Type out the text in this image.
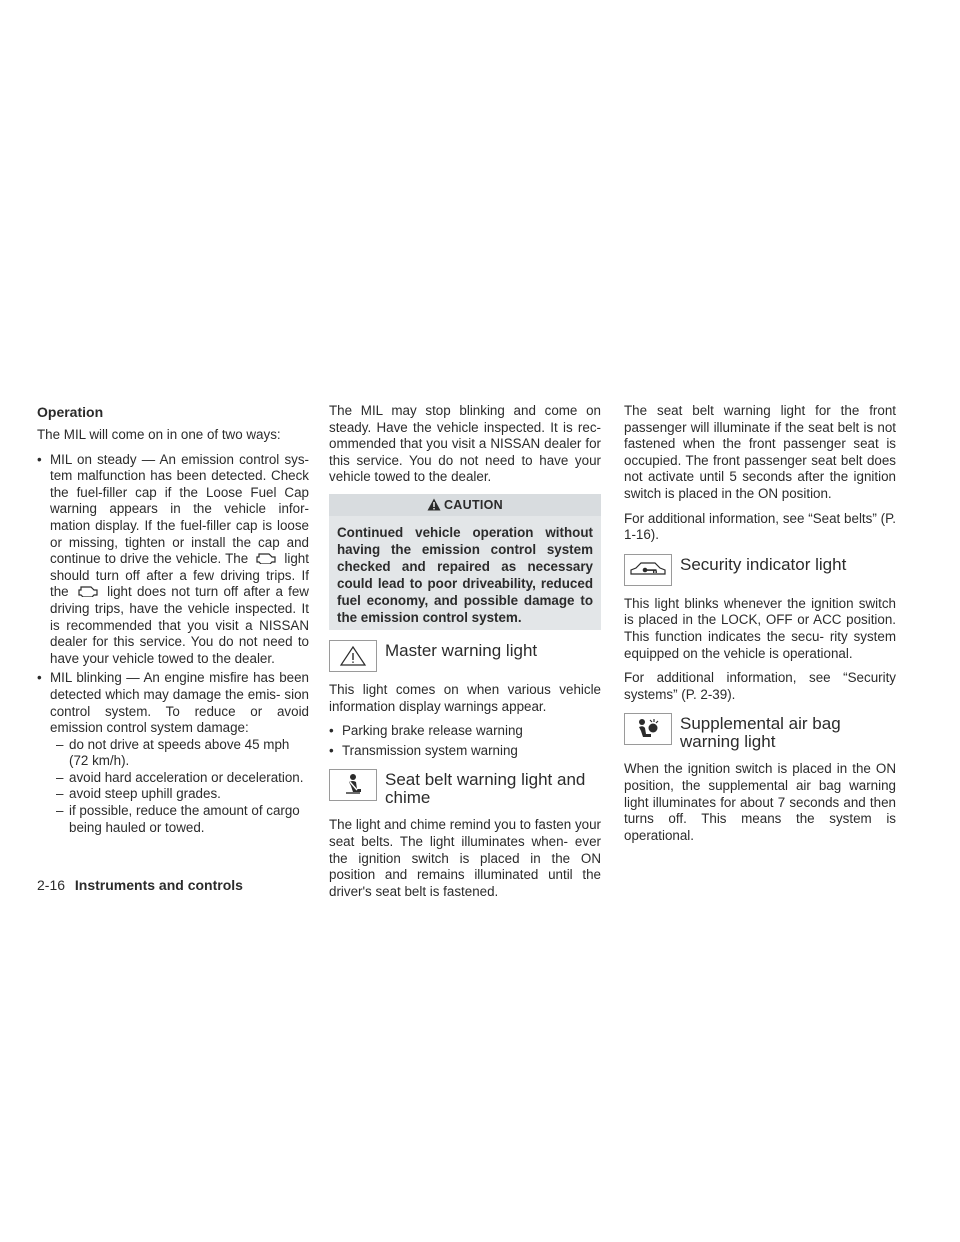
Operation

The MIL will come on in one of two ways:

• MIL on steady — An emission control sys- tem malfunction has been detected. Check the fuel-filler cap if the Loose Fuel Cap warning appears in the vehicle infor- mation display. If the fuel-filler cap is loose or missing, tighten or install the cap and continue to drive the vehicle. The	light should turn off after a few driving trips. If the	light does not turn off after a few driving trips, have the vehicle inspected. It is recommended that you visit a NISSAN dealer for this service. You do not need to have your vehicle towed to the dealer.
• MIL blinking — An engine misfire has been detected which may damage the emis- sion control system. To reduce or avoid emission control system damage:
– do not drive at speeds above 45 mph (72 km/h).
– avoid hard acceleration or deceleration.
– avoid steep uphill grades.
– if possible, reduce the amount of cargo being hauled or towed.

The MIL may stop blinking and come on steady. Have the vehicle inspected. It is rec- ommended that you visit a NISSAN dealer for this service. You do not need to have your vehicle towed to the dealer.

CAUTION
Continued vehicle operation without having the emission control system checked and repaired as necessary could lead to poor driveability, reduced fuel economy, and possible damage to the emission control system.
Master warning light

This light comes on when various vehicle information display warnings appear.

• Parking brake release warning
• Transmission system warning
Seat belt warning light and chime

The light and chime remind you to fasten your seat belts. The light illuminates when- ever the ignition switch is placed in the ON position and remains illuminated until the driver's seat belt is fastened.

The seat belt warning light for the front passenger will illuminate if the seat belt is not fastened when the front passenger seat is occupied. The front passenger seat belt does not activate until 5 seconds after the ignition switch is placed in the ON position.

For additional information, see “Seat belts” (P. 1-16).

Security indicator light

This light blinks whenever the ignition switch is placed in the LOCK, OFF or ACC position. This function indicates the secu- rity system equipped on the vehicle is operational.

For additional information, see “Security systems” (P. 2-39).

Supplemental air bag warning light

When the ignition switch is placed in the ON position, the supplemental air bag warning light illuminates for about 7 seconds and then turns off. This means the system is operational.

2-16 Instruments and controls
